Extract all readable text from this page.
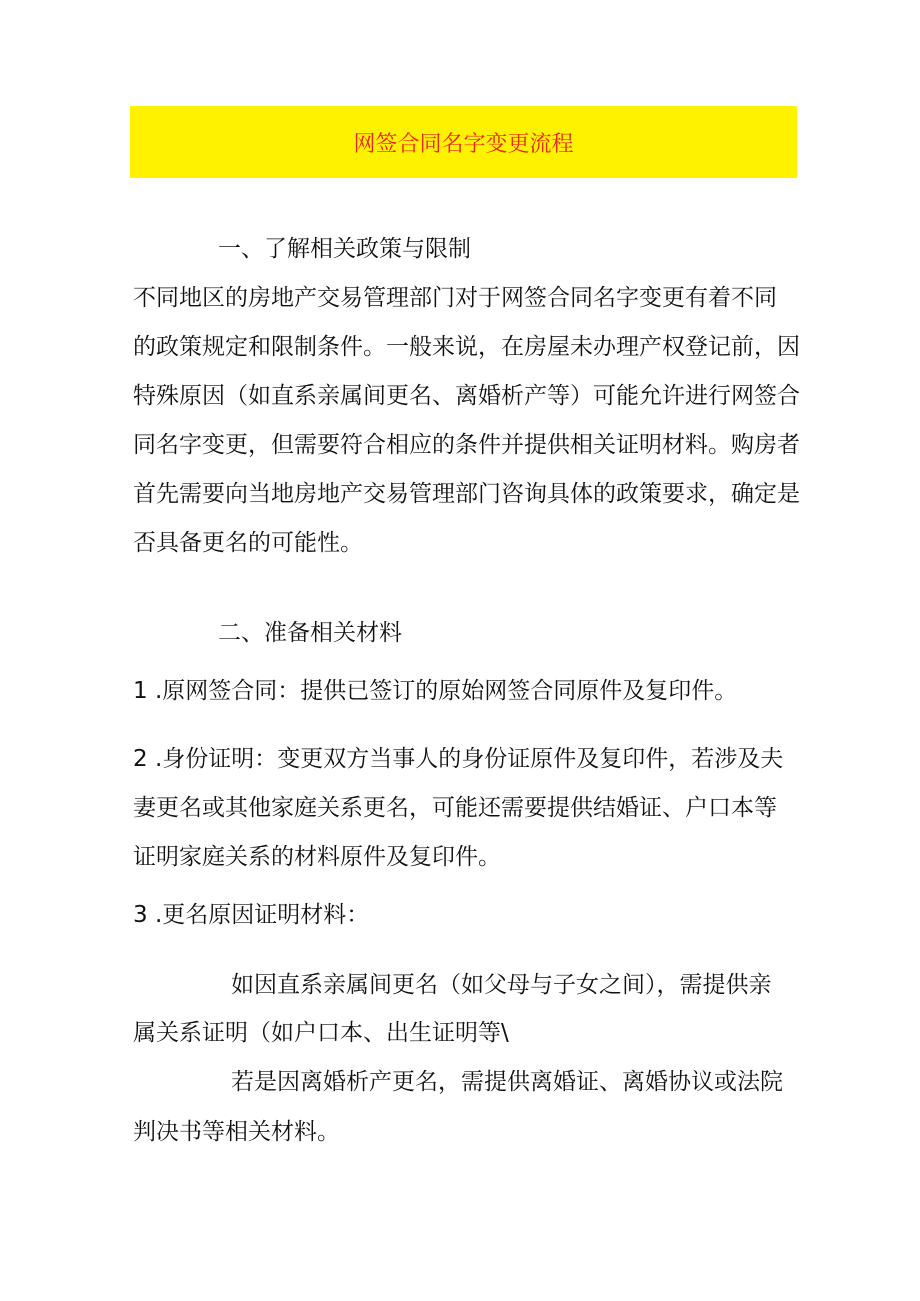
网签合同名字变更流程
一、了解相关政策与限制
不同地区的房地产交易管理部门对于网签合同名字变更有着不同
的政策规定和限制条件。一般来说，在房屋未办理产权登记前，因
特殊原因（如直系亲属间更名、离婚析产等）可能允许进行网签合
同名字变更，但需要符合相应的条件并提供相关证明材料。购房者
首先需要向当地房地产交易管理部门咨询具体的政策要求，确定是
否具备更名的可能性。
二、准备相关材料
1 .原网签合同：提供已签订的原始网签合同原件及复印件。
2 .身份证明：变更双方当事人的身份证原件及复印件，若涉及夫
妻更名或其他家庭关系更名，可能还需要提供结婚证、户口本等
证明家庭关系的材料原件及复印件。
3 .更名原因证明材料：
如因直系亲属间更名（如父母与子女之间），需提供亲
属关系证明（如户口本、出生证明等\
若是因离婚析产更名，需提供离婚证、离婚协议或法院
判决书等相关材料。
